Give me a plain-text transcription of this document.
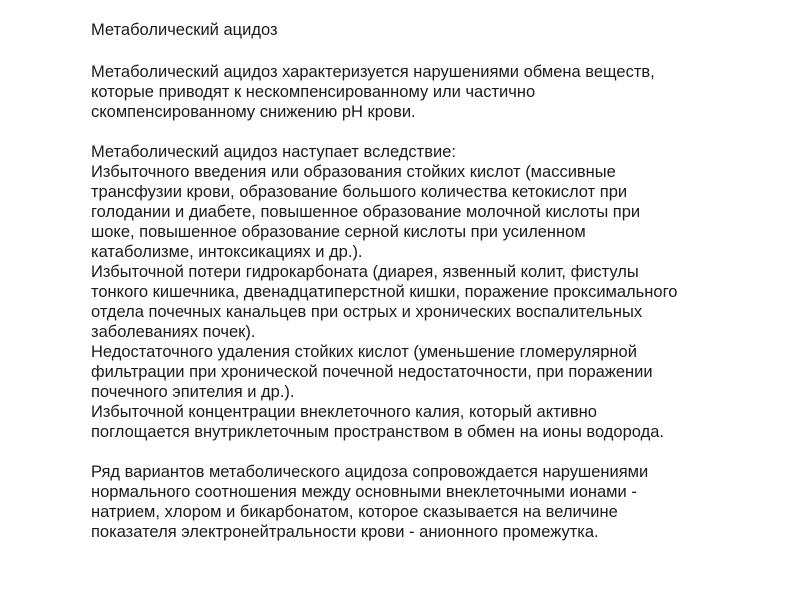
Метаболический ацидоз
Метаболический ацидоз характеризуется нарушениями обмена веществ,
которые приводят к нескомпенсированному или частично
скомпенсированному снижению рН крови.
Метаболический ацидоз наступает вследствие:
Избыточного введения или образования стойких кислот (массивные
трансфузии крови, образование большого количества кетокислот при
голодании и диабете, повышенное образование молочной кислоты при
шоке, повышенное образование серной кислоты при усиленном
катаболизме, интоксикациях и др.).
Избыточной потери гидрокарбоната (диарея, язвенный колит, фистулы
тонкого кишечника, двенадцатиперстной кишки, поражение проксимального
отдела почечных канальцев при острых и хронических воспалительных
заболеваниях почек).
Недостаточного удаления стойких кислот (уменьшение гломерулярной
фильтрации при хронической почечной недостаточности, при поражении
почечного эпителия и др.).
Избыточной концентрации внеклеточного калия, который активно
поглощается внутриклеточным пространством в обмен на ионы водорода.
Ряд вариантов метаболического ацидоза сопровождается нарушениями
нормального соотношения между основными внеклеточными ионами -
натрием, хлором и бикарбонатом, которое сказывается на величине
показателя электронейтральности крови - анионного промежутка.
